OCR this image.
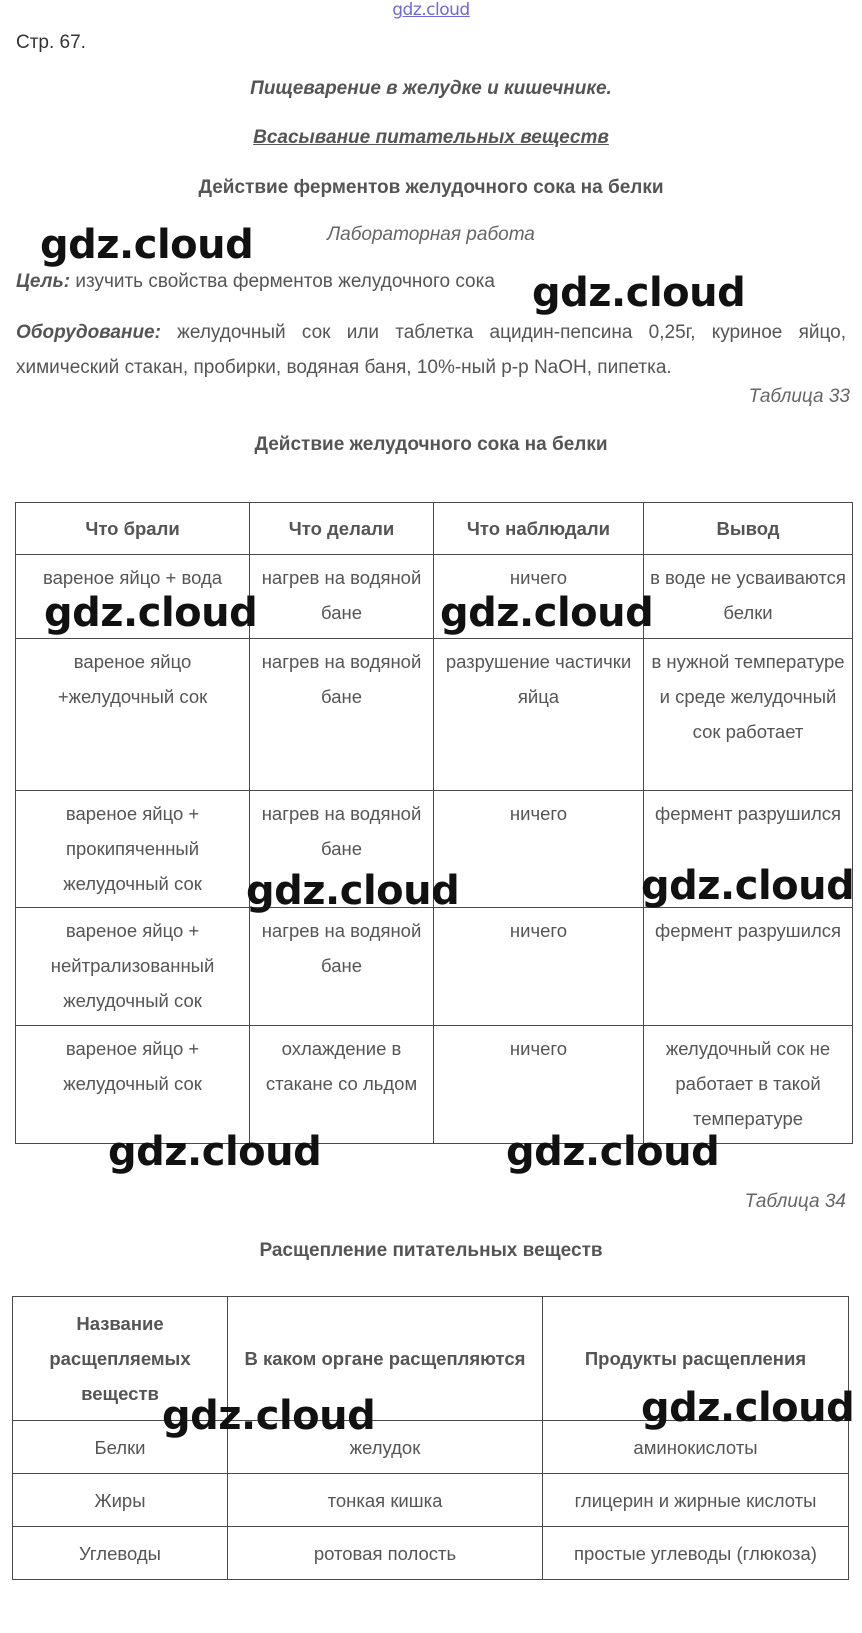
gdz.cloud
Стр. 67.
Пищеварение в желудке и кишечнике.
Всасывание питательных веществ
Действие ферментов желудочного сока на белки
Лабораторная работа
Цель: изучить свойства ферментов желудочного сока
Оборудование: желудочный сок или таблетка ацидин-пепсина 0,25г, куриное яйцо, химический стакан, пробирки, водяная баня, 10%-ный р-р NaOH, пипетка.
Таблица 33
Действие желудочного сока на белки
Что брали	Что делали	Что наблюдали	Вывод
вареное яйцо + вода	нагрев на водяной бане	ничего	в воде не усваиваются белки
вареное яйцо +желудочный сок	нагрев на водяной бане	разрушение частички яйца	в нужной температуре и среде желудочный сок работает
вареное яйцо + прокипяченный желудочный сок	нагрев на водяной бане	ничего	фермент разрушился
вареное яйцо + нейтрализованный желудочный сок	нагрев на водяной бане	ничего	фермент разрушился
вареное яйцо + желудочный сок	охлаждение в стакане со льдом	ничего	желудочный сок не работает в такой температуре
Таблица 34
Расщепление питательных веществ
Название расщепляемых веществ	В каком органе расщепляются	Продукты расщепления
Белки	желудок	аминокислоты
Жиры	тонкая кишка	глицерин и жирные кислоты
Углеводы	ротовая полость	простые углеводы (глюкоза)
gdz.cloud
gdz.cloud
gdz.cloud	gdz.cloud
gdz.cloud	gdz.cloud
gdz.cloud	gdz.cloud
gdz.cloud	gdz.cloud
